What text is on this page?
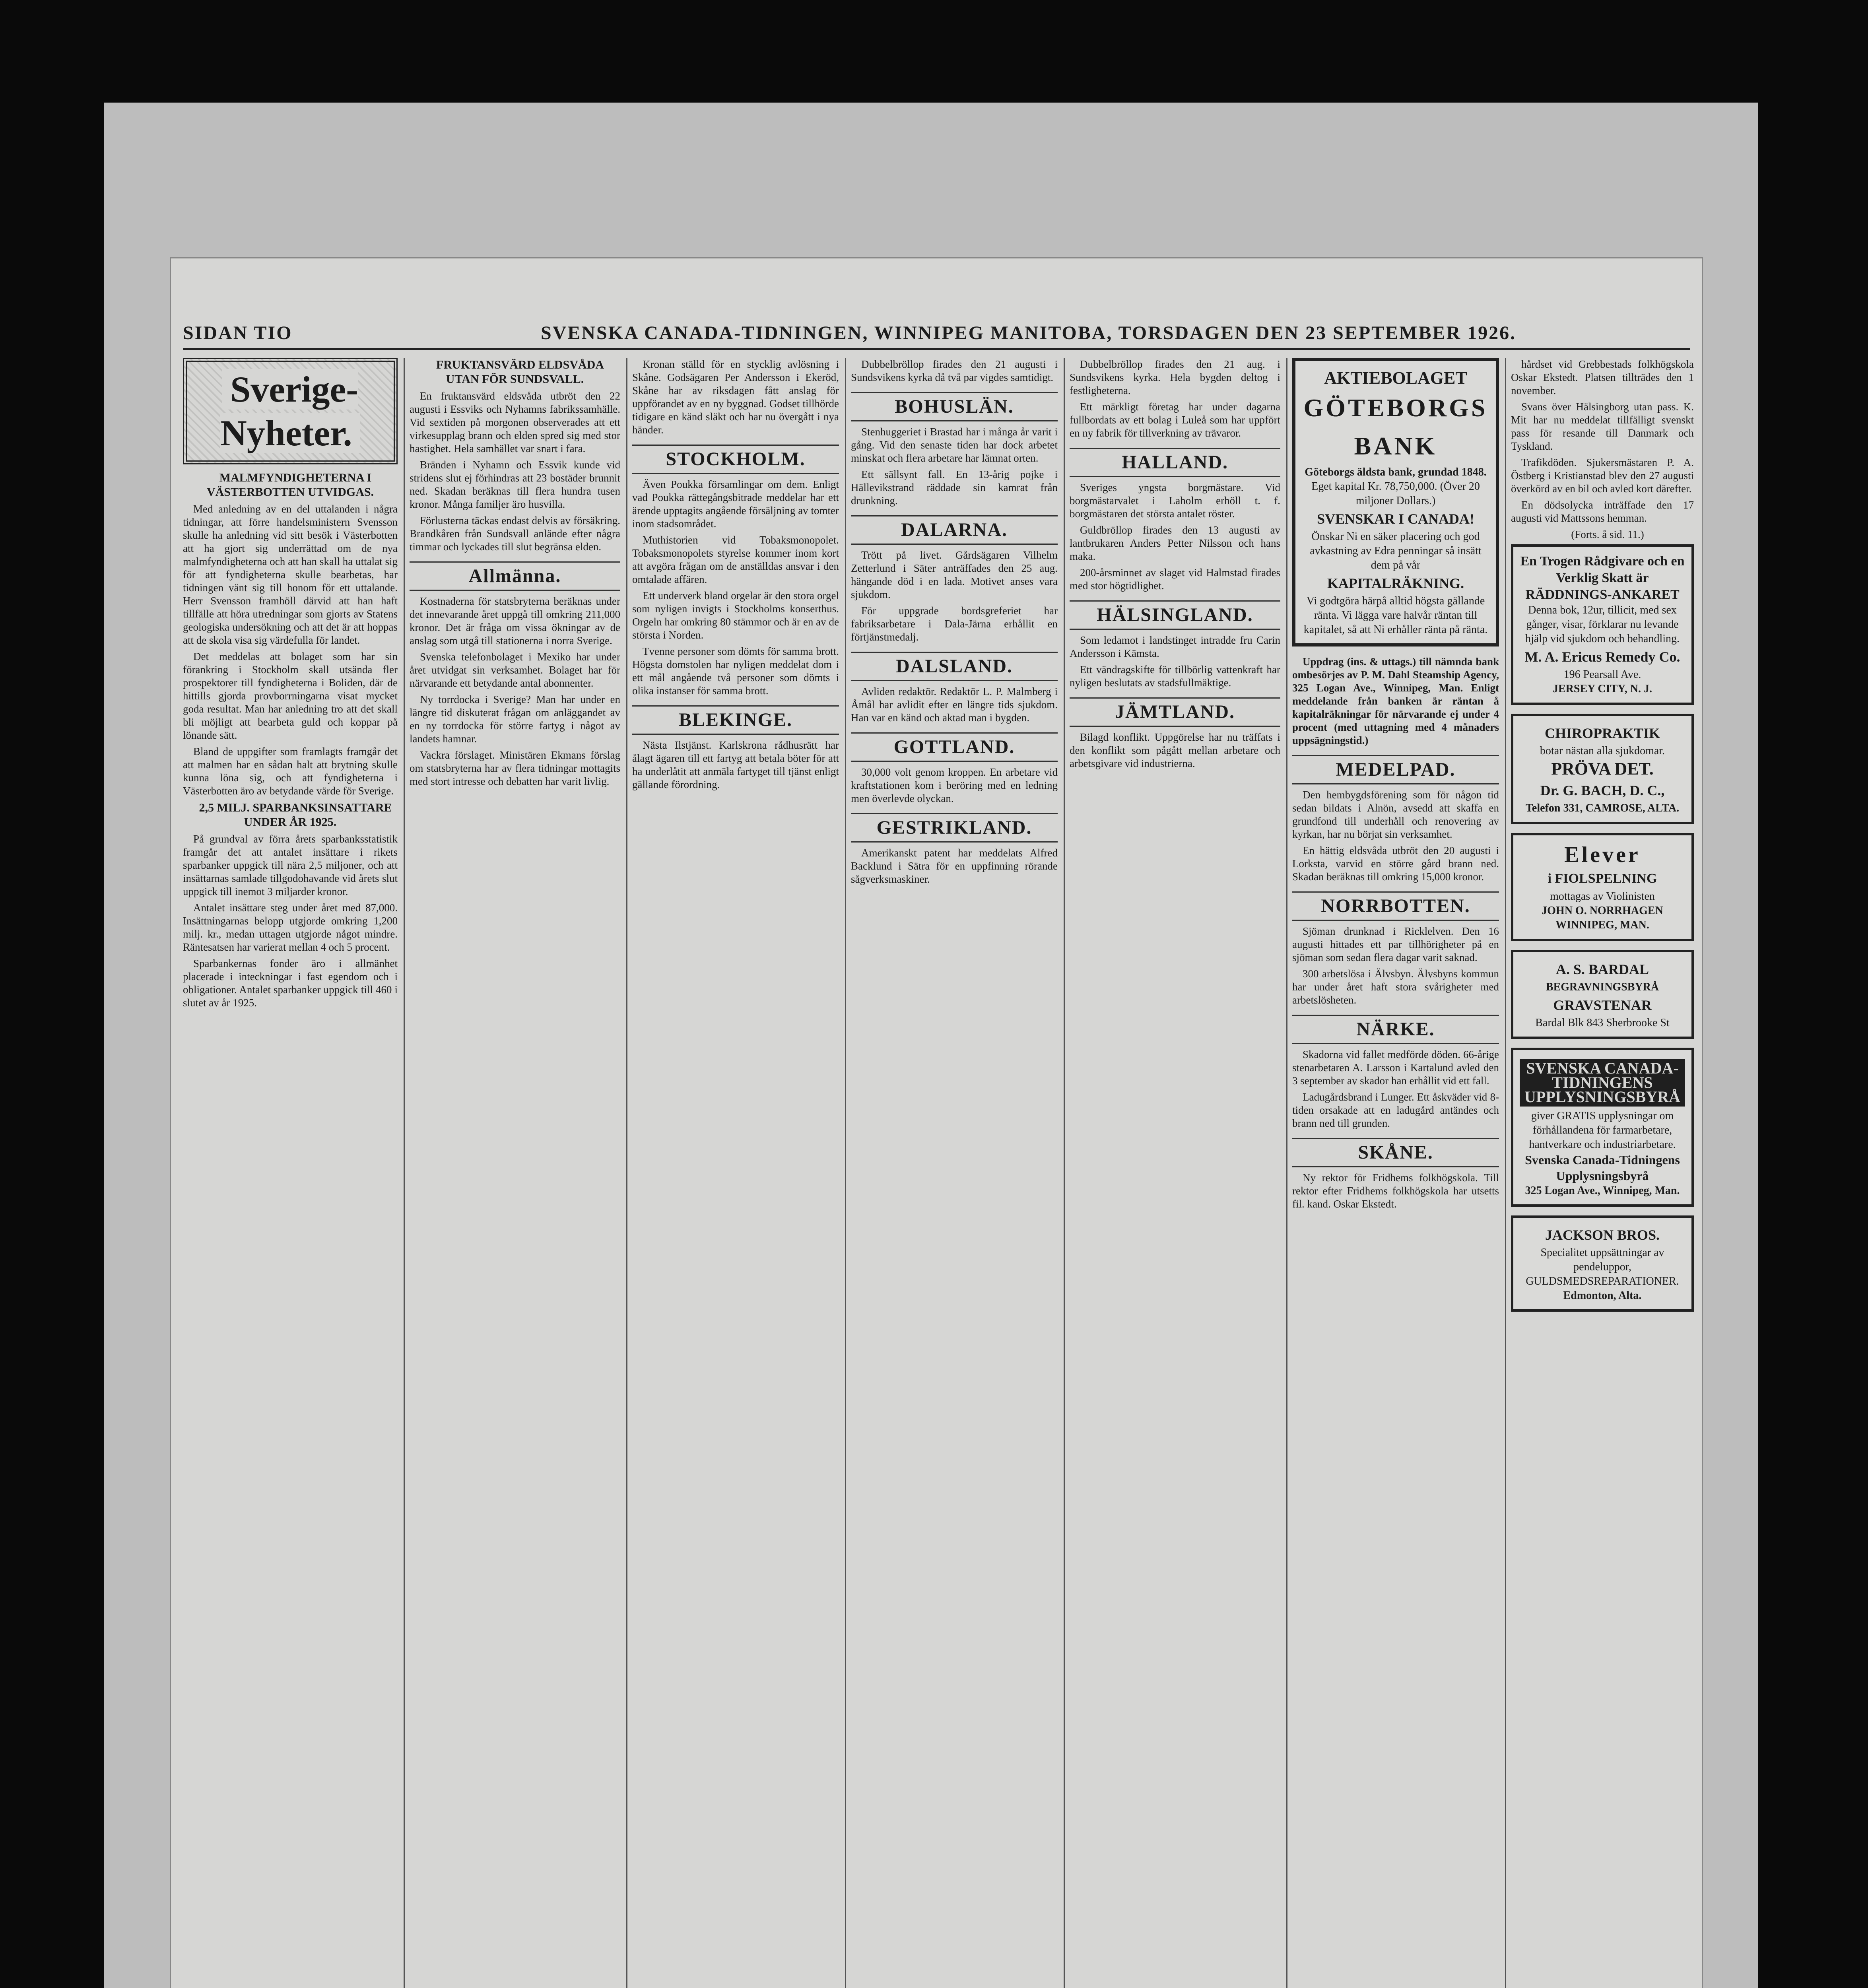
SIDAN TIO	SVENSKA CANADA-TIDNINGEN, WINNIPEG MANITOBA, TORSDAGEN DEN 23 SEPTEMBER 1926.
Sverige-Nyheter.

MALMFYNDIGHETERNA I VÄSTERBOTTEN UTVIDGAS.

Med anledning av en del uttalanden i några tidningar, att förre handelsministern Svensson skulle ha anledning vid sitt besök i Västerbotten att ha gjort sig underrättad om de nya malmfyndigheterna och att han skall ha uttalat sig för att fyndigheterna skulle bearbetas, har tidningen vänt sig till honom för ett uttalande. Herr Svensson framhöll därvid att han haft tillfälle att höra utredningar som gjorts av Statens geologiska undersökning och att det är att hoppas att de skola visa sig värdefulla för landet.

Det meddelas att bolaget som har sin förankring i Stockholm skall utsända fler prospektorer till fyndigheterna i Boliden, där de hittills gjorda provborrningarna visat mycket goda resultat. Man har anledning tro att det skall bli möjligt att bearbeta guld och koppar på lönande sätt.

Bland de uppgifter som framlagts framgår det att malmen har en sådan halt att brytning skulle kunna löna sig, och att fyndigheterna i Västerbotten äro av betydande värde för Sverige.

2,5 MILJ. SPARBANKSINSATTARE UNDER ÅR 1925.

På grundval av förra årets sparbanksstatistik framgår det att antalet insättare i rikets sparbanker uppgick till nära 2,5 miljoner, och att insättarnas samlade tillgodohavande vid årets slut uppgick till inemot 3 miljarder kronor.

Antalet insättare steg under året med 87,000. Insättningarnas belopp utgjorde omkring 1,200 milj. kr., medan uttagen utgjorde något mindre. Räntesatsen har varierat mellan 4 och 5 procent.

Sparbankernas fonder äro i allmänhet placerade i inteckningar i fast egendom och i obligationer. Antalet sparbanker uppgick till 460 i slutet av år 1925.

FRUKTANSVÄRD ELDSVÅDA UTAN FÖR SUNDSVALL.

En fruktansvärd eldsvåda utbröt den 22 augusti i Essviks och Nyhamns fabrikssamhälle. Vid sextiden på morgonen observerades att ett virkesupplag brann och elden spred sig med stor hastighet. Hela samhället var snart i fara.

Bränden i Nyhamn och Essvik kunde vid stridens slut ej förhindras att 23 bostäder brunnit ned. Skadan beräknas till flera hundra tusen kronor. Många familjer äro husvilla.

Förlusterna täckas endast delvis av försäkring. Brandkåren från Sundsvall anlände efter några timmar och lyckades till slut begränsa elden.

Allmänna.

Kostnaderna för statsbryterna beräknas under det innevarande året uppgå till omkring 211,000 kronor. Det är fråga om vissa ökningar av de anslag som utgå till stationerna i norra Sverige.

Svenska telefonbolaget i Mexiko har under året utvidgat sin verksamhet. Bolaget har för närvarande ett betydande antal abonnenter.

Ny torrdocka i Sverige? Man har under en längre tid diskuterat frågan om anläggandet av en ny torrdocka för större fartyg i något av landets hamnar.

Vackra förslaget. Ministären Ekmans förslag om statsbryterna har av flera tidningar mottagits med stort intresse och debatten har varit livlig.

Kronan ställd för en stycklig avlösning i Skåne. Godsägaren Per Andersson i Ekeröd, Skåne har av riksdagen fått anslag för uppförandet av en ny byggnad. Godset tillhörde tidigare en känd släkt och har nu övergått i nya händer.

STOCKHOLM.

Även Poukka församlingar om dem. Enligt vad Poukka rättegångsbitrade meddelar har ett ärende upptagits angående försäljning av tomter inom stadsområdet.

Muthistorien vid Tobaksmonopolet. Tobaksmonopolets styrelse kommer inom kort att avgöra frågan om de anställdas ansvar i den omtalade affären.

Ett underverk bland orgelar är den stora orgel som nyligen invigts i Stockholms konserthus. Orgeln har omkring 80 stämmor och är en av de största i Norden.

Tvenne personer som dömts för samma brott. Högsta domstolen har nyligen meddelat dom i ett mål angående två personer som dömts i olika instanser för samma brott.

BLEKINGE.

Nästa Ilstjänst. Karlskrona rådhusrätt har ålagt ägaren till ett fartyg att betala böter för att ha underlåtit att anmäla fartyget till tjänst enligt gällande förordning.

Dubbelbröllop firades den 21 augusti i Sundsvikens kyrka då två par vigdes samtidigt.

BOHUSLÄN.

Stenhuggeriet i Brastad har i många år varit i gång. Vid den senaste tiden har dock arbetet minskat och flera arbetare har lämnat orten.

Ett sällsynt fall. En 13-årig pojke i Hällevikstrand räddade sin kamrat från drunkning.

DALARNA.

Trött på livet. Gårdsägaren Vilhelm Zetterlund i Säter anträffades den 25 aug. hängande död i en lada. Motivet anses vara sjukdom.

För uppgrade bordsgreferiet har fabriksarbetare i Dala-Järna erhållit en förtjänstmedalj.

DALSLAND.

Avliden redaktör. Redaktör L. P. Malmberg i Åmål har avlidit efter en längre tids sjukdom. Han var en känd och aktad man i bygden.

GOTTLAND.

30,000 volt genom kroppen. En arbetare vid kraftstationen kom i beröring med en ledning men överlevde olyckan.

GESTRIKLAND.

Amerikanskt patent har meddelats Alfred Backlund i Sätra för en uppfinning rörande sågverksmaskiner.

Dubbelbröllop firades den 21 aug. i Sundsvikens kyrka. Hela bygden deltog i festligheterna.

Ett märkligt företag har under dagarna fullbordats av ett bolag i Luleå som har uppfört en ny fabrik för tillverkning av trävaror.

HALLAND.

Sveriges yngsta borgmästare. Vid borgmästarvalet i Laholm erhöll t. f. borgmästaren det största antalet röster.

Guldbröllop firades den 13 augusti av lantbrukaren Anders Petter Nilsson och hans maka.

200-årsminnet av slaget vid Halmstad firades med stor högtidlighet.

HÄLSINGLAND.

Som ledamot i landstinget intradde fru Carin Andersson i Kämsta.

Ett vändragskifte för tillbörlig vattenkraft har nyligen beslutats av stadsfullmäktige.

JÄMTLAND.

Bilagd konflikt. Uppgörelse har nu träffats i den konflikt som pågått mellan arbetare och arbetsgivare vid industrierna.

AKTIEBOLAGET
GÖTEBORGS BANK
Göteborgs äldsta bank, grundad 1848.
Eget kapital Kr. 78,750,000. (Över 20 miljoner Dollars.)
SVENSKAR I CANADA!
Önskar Ni en säker placering och god avkastning av Edra penningar så insätt dem på vår
KAPITALRÄKNING.
Vi godtgöra härpå alltid högsta gällande ränta. Vi lägga vare halvår räntan till kapitalet, så att Ni erhåller ränta på ränta.

Uppdrag (ins. & uttags.) till nämnda bank ombesörjes av P. M. Dahl Steamship Agency, 325 Logan Ave., Winnipeg, Man. Enligt meddelande från banken är räntan å kapitalräkningar för närvarande ej under 4 procent (med uttagning med 4 månaders uppsägningstid.)

MEDELPAD.

Den hembygdsförening som för någon tid sedan bildats i Alnön, avsedd att skaffa en grundfond till underhåll och renovering av kyrkan, har nu börjat sin verksamhet.

En hättig eldsvåda utbröt den 20 augusti i Lorksta, varvid en större gård brann ned. Skadan beräknas till omkring 15,000 kronor.

NORRBOTTEN.

Sjöman drunknad i Ricklelven. Den 16 augusti hittades ett par tillhörigheter på en sjöman som sedan flera dagar varit saknad.

300 arbetslösa i Älvsbyn. Älvsbyns kommun har under året haft stora svårigheter med arbetslösheten.

NÄRKE.

Skadorna vid fallet medförde döden. 66-årige stenarbetaren A. Larsson i Kartalund avled den 3 september av skador han erhållit vid ett fall.

Ladugårdsbrand i Lunger. Ett åskväder vid 8-tiden orsakade att en ladugård antändes och brann ned till grunden.

SKÅNE.

Ny rektor för Fridhems folkhögskola. Till rektor efter Fridhems folkhögskola har utsetts fil. kand. Oskar Ekstedt.

hårdset vid Grebbestads folkhögskola Oskar Ekstedt. Platsen tillträdes den 1 november.

Svans över Hälsingborg utan pass. K. Mit har nu meddelat tillfälligt svenskt pass för resande till Danmark och Tyskland.

Trafikdöden. Sjukersmästaren P. A. Östberg i Kristianstad blev den 27 augusti överkörd av en bil och avled kort därefter.

En dödsolycka inträffade den 17 augusti vid Mattssons hemman.

(Forts. å sid. 11.)

En Trogen Rådgivare och en Verklig Skatt är RÄDDNINGS-ANKARET
Denna bok, 12ur, tillicit, med sex gånger, visar, förklarar nu levande hjälp vid sjukdom och behandling.
M. A. Ericus Remedy Co.
196 Pearsall Ave.
JERSEY CITY, N. J.
CHIROPRAKTIK
botar nästan alla sjukdomar.
PRÖVA DET.
Dr. G. BACH, D. C.,
Telefon 331, CAMROSE, ALTA.
Elever
i FIOLSPELNING
mottagas av Violinisten
JOHN O. NORRHAGEN
WINNIPEG, MAN.
A. S. BARDAL
BEGRAVNINGSBYRÅ
GRAVSTENAR
Bardal Blk 843 Sherbrooke St
SVENSKA CANADA-TIDNINGENS UPPLYSNINGSBYRÅ
giver GRATIS upplysningar om förhållandena för farmarbetare, hantverkare och industriarbetare.
Svenska Canada-Tidningens Upplysningsbyrå
325 Logan Ave., Winnipeg, Man.
JACKSON BROS.
Specialitet uppsättningar av pendeluppor, GULDSMEDSREPARATIONER.
Edmonton, Alta.
